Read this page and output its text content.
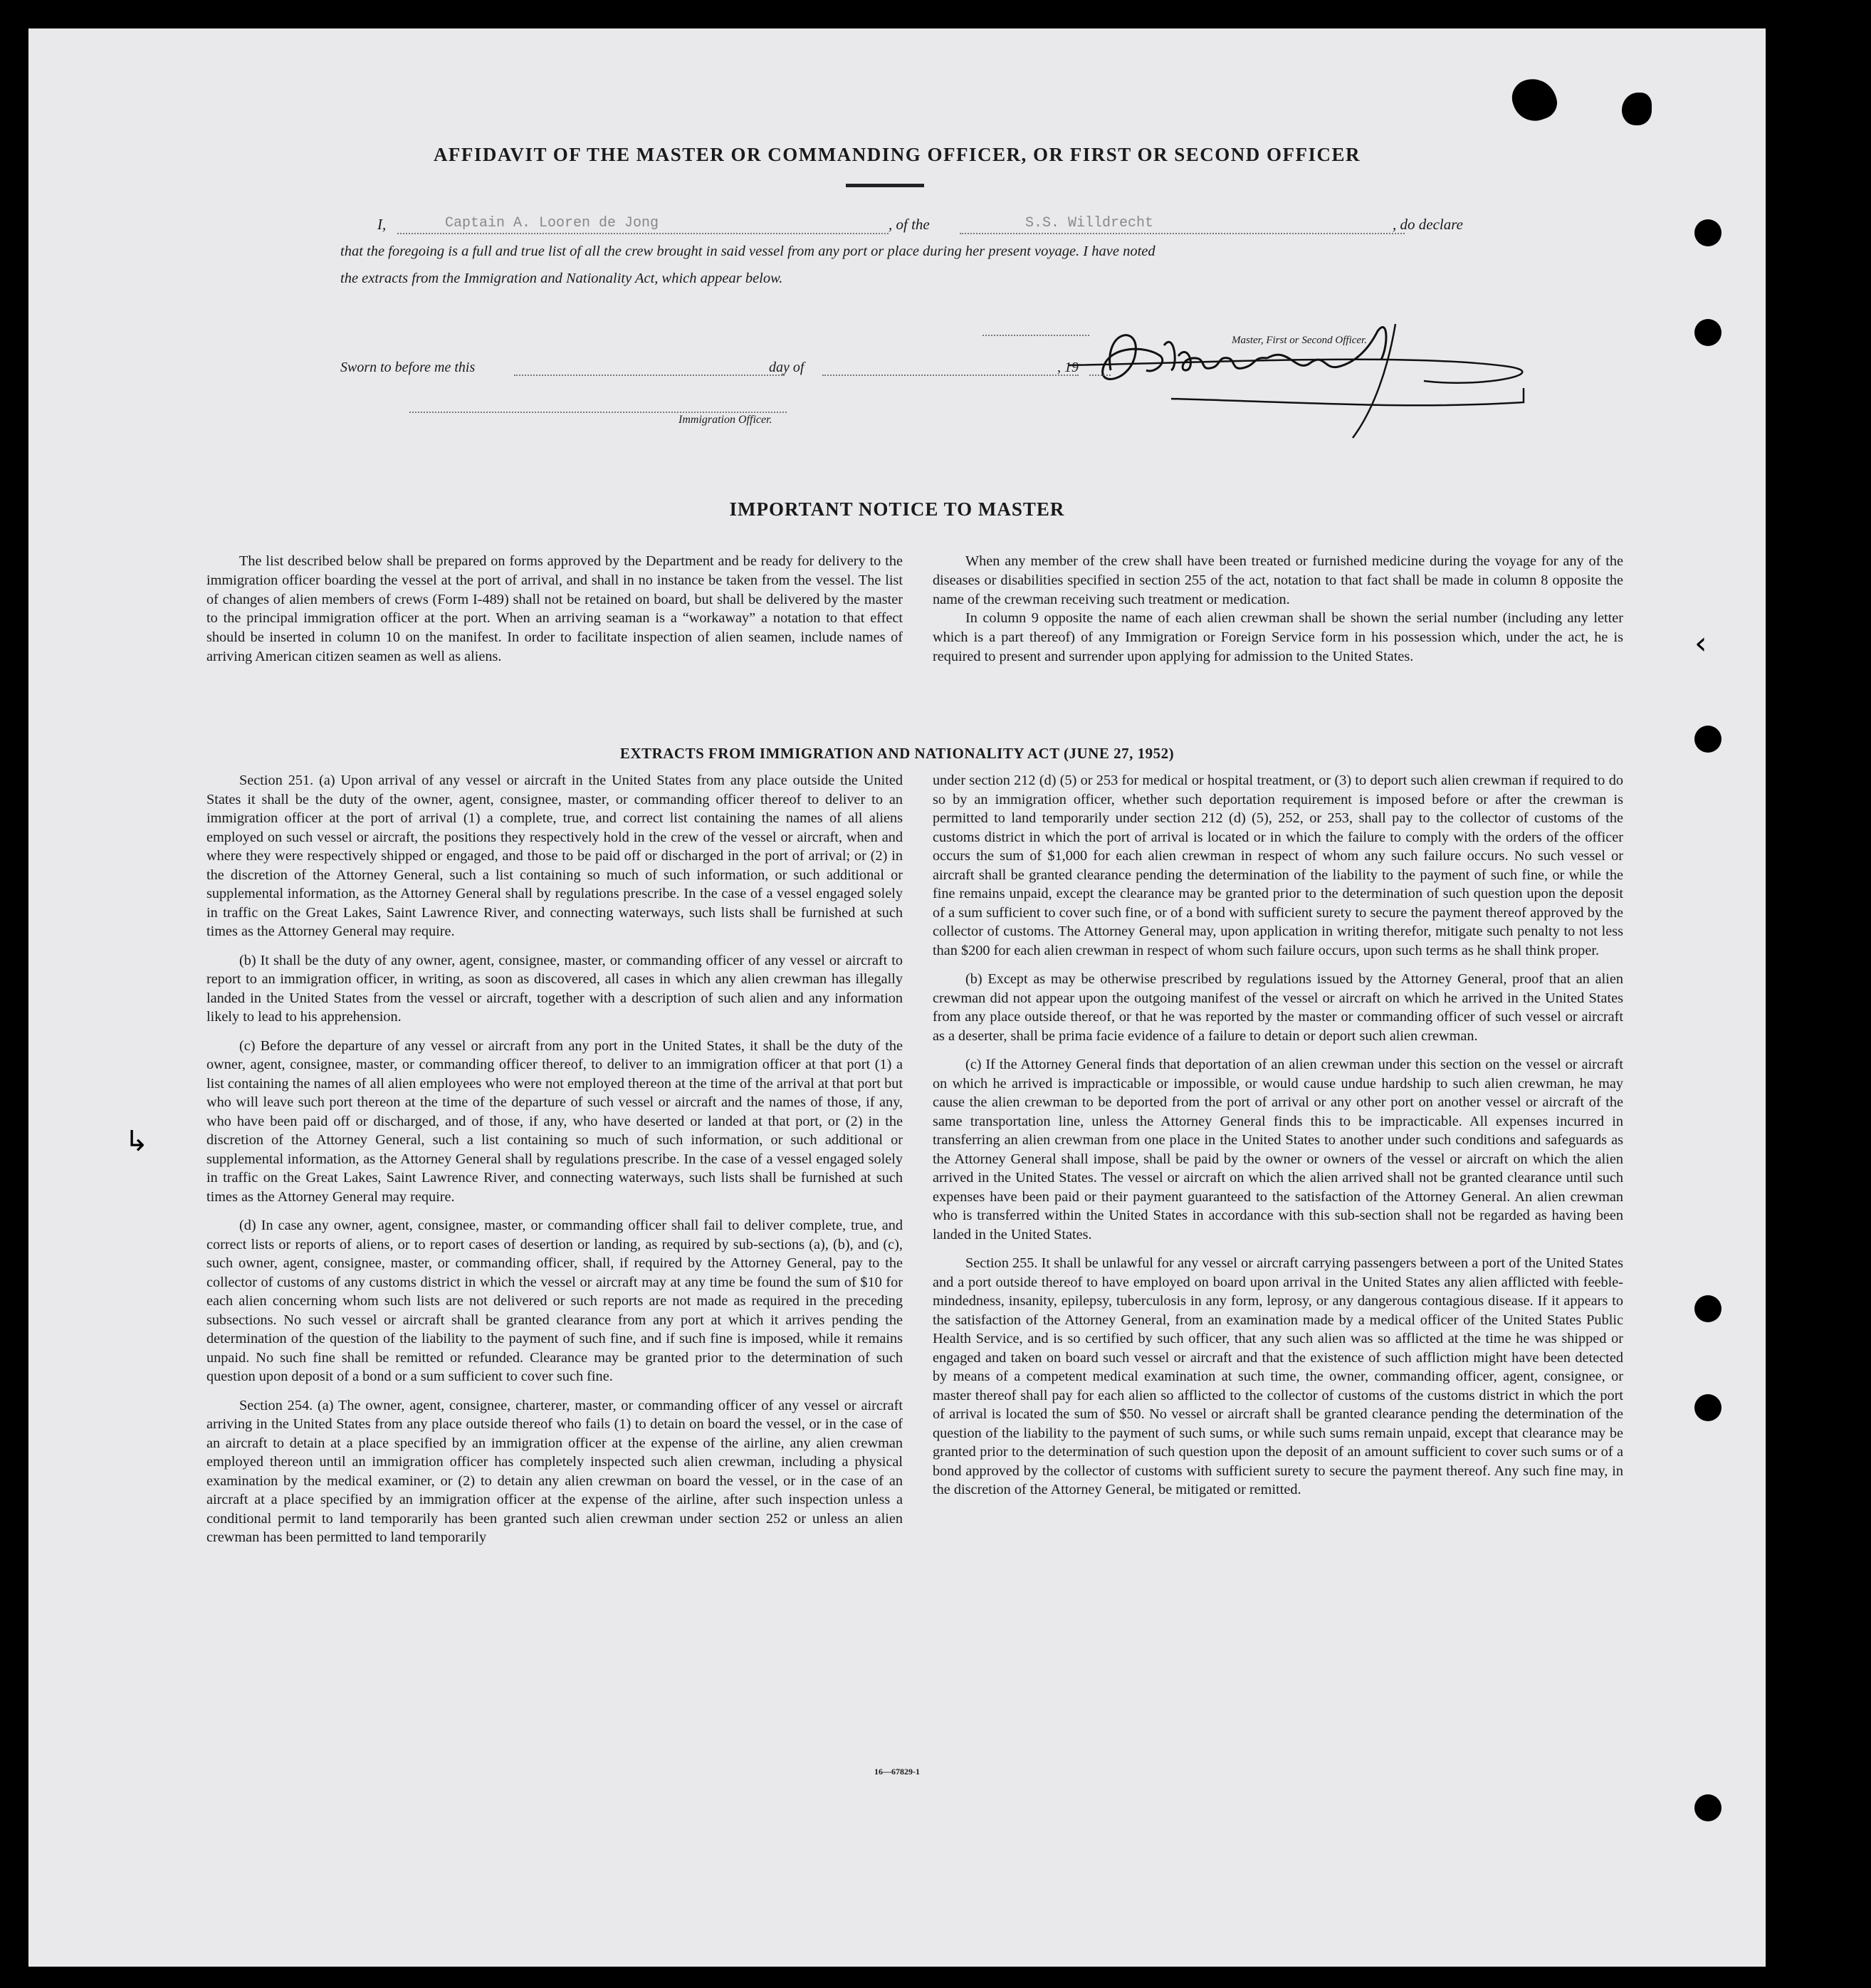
AFFIDAVIT OF THE MASTER OR COMMANDING OFFICER, OR FIRST OR SECOND OFFICER
I,	Captain A. Looren de Jong	, of the	S.S. Willdrecht	, do declare
that the foregoing is a full and true list of all the crew brought in said vessel from any port or place during her present voyage. I have noted
the extracts from the Immigration and Nationality Act, which appear below.
Master, First or Second Officer.
Sworn to before me this	day of	, 19
Immigration Officer.
IMPORTANT NOTICE TO MASTER

The list described below shall be prepared on forms approved by the Department and be ready for delivery to the immigration officer boarding the vessel at the port of arrival, and shall in no instance be taken from the vessel. The list of changes of alien members of crews (Form I-489) shall not be retained on board, but shall be delivered by the master to the principal immigration officer at the port. When an arriving seaman is a “workaway” a notation to that effect should be inserted in column 10 on the manifest. In order to facilitate inspection of alien seamen, include names of arriving American citizen seamen as well as aliens.

When any member of the crew shall have been treated or furnished medicine during the voyage for any of the diseases or disabilities specified in section 255 of the act, notation to that fact shall be made in column 8 opposite the name of the crewman receiving such treatment or medication.

In column 9 opposite the name of each alien crewman shall be shown the serial number (including any letter which is a part thereof) of any Immigration or Foreign Service form in his possession which, under the act, he is required to present and surrender upon applying for admission to the United States.

EXTRACTS FROM IMMIGRATION AND NATIONALITY ACT (JUNE 27, 1952)

Section 251. (a) Upon arrival of any vessel or aircraft in the United States from any place outside the United States it shall be the duty of the owner, agent, consignee, master, or commanding officer thereof to deliver to an immigration officer at the port of arrival (1) a complete, true, and correct list containing the names of all aliens employed on such vessel or aircraft, the positions they respectively hold in the crew of the vessel or aircraft, when and where they were respectively shipped or engaged, and those to be paid off or discharged in the port of arrival; or (2) in the discretion of the Attorney General, such a list containing so much of such information, or such additional or supplemental information, as the Attorney General shall by regulations prescribe. In the case of a vessel engaged solely in traffic on the Great Lakes, Saint Lawrence River, and connecting waterways, such lists shall be furnished at such times as the Attorney General may require.

(b) It shall be the duty of any owner, agent, consignee, master, or commanding officer of any vessel or aircraft to report to an immigration officer, in writing, as soon as discovered, all cases in which any alien crewman has illegally landed in the United States from the vessel or aircraft, together with a description of such alien and any information likely to lead to his apprehension.

(c) Before the departure of any vessel or aircraft from any port in the United States, it shall be the duty of the owner, agent, consignee, master, or commanding officer thereof, to deliver to an immigration officer at that port (1) a list containing the names of all alien employees who were not employed thereon at the time of the arrival at that port but who will leave such port thereon at the time of the departure of such vessel or aircraft and the names of those, if any, who have been paid off or discharged, and of those, if any, who have deserted or landed at that port, or (2) in the discretion of the Attorney General, such a list containing so much of such information, or such additional or supplemental information, as the Attorney General shall by regulations prescribe. In the case of a vessel engaged solely in traffic on the Great Lakes, Saint Lawrence River, and connecting waterways, such lists shall be furnished at such times as the Attorney General may require.

(d) In case any owner, agent, consignee, master, or commanding officer shall fail to deliver complete, true, and correct lists or reports of aliens, or to report cases of desertion or landing, as required by sub-sections (a), (b), and (c), such owner, agent, consignee, master, or commanding officer, shall, if required by the Attorney General, pay to the collector of customs of any customs district in which the vessel or aircraft may at any time be found the sum of $10 for each alien concerning whom such lists are not delivered or such reports are not made as required in the preceding subsections. No such vessel or aircraft shall be granted clearance from any port at which it arrives pending the determination of the question of the liability to the payment of such fine, and if such fine is imposed, while it remains unpaid. No such fine shall be remitted or refunded. Clearance may be granted prior to the determination of such question upon deposit of a bond or a sum sufficient to cover such fine.

Section 254. (a) The owner, agent, consignee, charterer, master, or commanding officer of any vessel or aircraft arriving in the United States from any place outside thereof who fails (1) to detain on board the vessel, or in the case of an aircraft to detain at a place specified by an immigration officer at the expense of the airline, any alien crewman employed thereon until an immigration officer has completely inspected such alien crewman, including a physical examination by the medical examiner, or (2) to detain any alien crewman on board the vessel, or in the case of an aircraft at a place specified by an immigration officer at the expense of the airline, after such inspection unless a conditional permit to land temporarily has been granted such alien crewman under section 252 or unless an alien crewman has been permitted to land temporarily

under section 212 (d) (5) or 253 for medical or hospital treatment, or (3) to deport such alien crewman if required to do so by an immigration officer, whether such deportation requirement is imposed before or after the crewman is permitted to land temporarily under section 212 (d) (5), 252, or 253, shall pay to the collector of customs of the customs district in which the port of arrival is located or in which the failure to comply with the orders of the officer occurs the sum of $1,000 for each alien crewman in respect of whom any such failure occurs. No such vessel or aircraft shall be granted clearance pending the determination of the liability to the payment of such fine, or while the fine remains unpaid, except the clearance may be granted prior to the determination of such question upon the deposit of a sum sufficient to cover such fine, or of a bond with sufficient surety to secure the payment thereof approved by the collector of customs. The Attorney General may, upon application in writing therefor, mitigate such penalty to not less than $200 for each alien crewman in respect of whom such failure occurs, upon such terms as he shall think proper.

(b) Except as may be otherwise prescribed by regulations issued by the Attorney General, proof that an alien crewman did not appear upon the outgoing manifest of the vessel or aircraft on which he arrived in the United States from any place outside thereof, or that he was reported by the master or commanding officer of such vessel or aircraft as a deserter, shall be prima facie evidence of a failure to detain or deport such alien crewman.

(c) If the Attorney General finds that deportation of an alien crewman under this section on the vessel or aircraft on which he arrived is impracticable or impossible, or would cause undue hardship to such alien crewman, he may cause the alien crewman to be deported from the port of arrival or any other port on another vessel or aircraft of the same transportation line, unless the Attorney General finds this to be impracticable. All expenses incurred in transferring an alien crewman from one place in the United States to another under such conditions and safeguards as the Attorney General shall impose, shall be paid by the owner or owners of the vessel or aircraft on which the alien arrived in the United States. The vessel or aircraft on which the alien arrived shall not be granted clearance until such expenses have been paid or their payment guaranteed to the satisfaction of the Attorney General. An alien crewman who is transferred within the United States in accordance with this sub-section shall not be regarded as having been landed in the United States.

Section 255. It shall be unlawful for any vessel or aircraft carrying passengers between a port of the United States and a port outside thereof to have employed on board upon arrival in the United States any alien afflicted with feeble-mindedness, insanity, epilepsy, tuberculosis in any form, leprosy, or any dangerous contagious disease. If it appears to the satisfaction of the Attorney General, from an examination made by a medical officer of the United States Public Health Service, and is so certified by such officer, that any such alien was so afflicted at the time he was shipped or engaged and taken on board such vessel or aircraft and that the existence of such affliction might have been detected by means of a competent medical examination at such time, the owner, commanding officer, agent, consignee, or master thereof shall pay for each alien so afflicted to the collector of customs of the customs district in which the port of arrival is located the sum of $50. No vessel or aircraft shall be granted clearance pending the determination of the question of the liability to the payment of such sums, or while such sums remain unpaid, except that clearance may be granted prior to the determination of such question upon the deposit of an amount sufficient to cover such sums or of a bond approved by the collector of customs with sufficient surety to secure the payment thereof. Any such fine may, in the discretion of the Attorney General, be mitigated or remitted.

16—67829-1
↳
‹
